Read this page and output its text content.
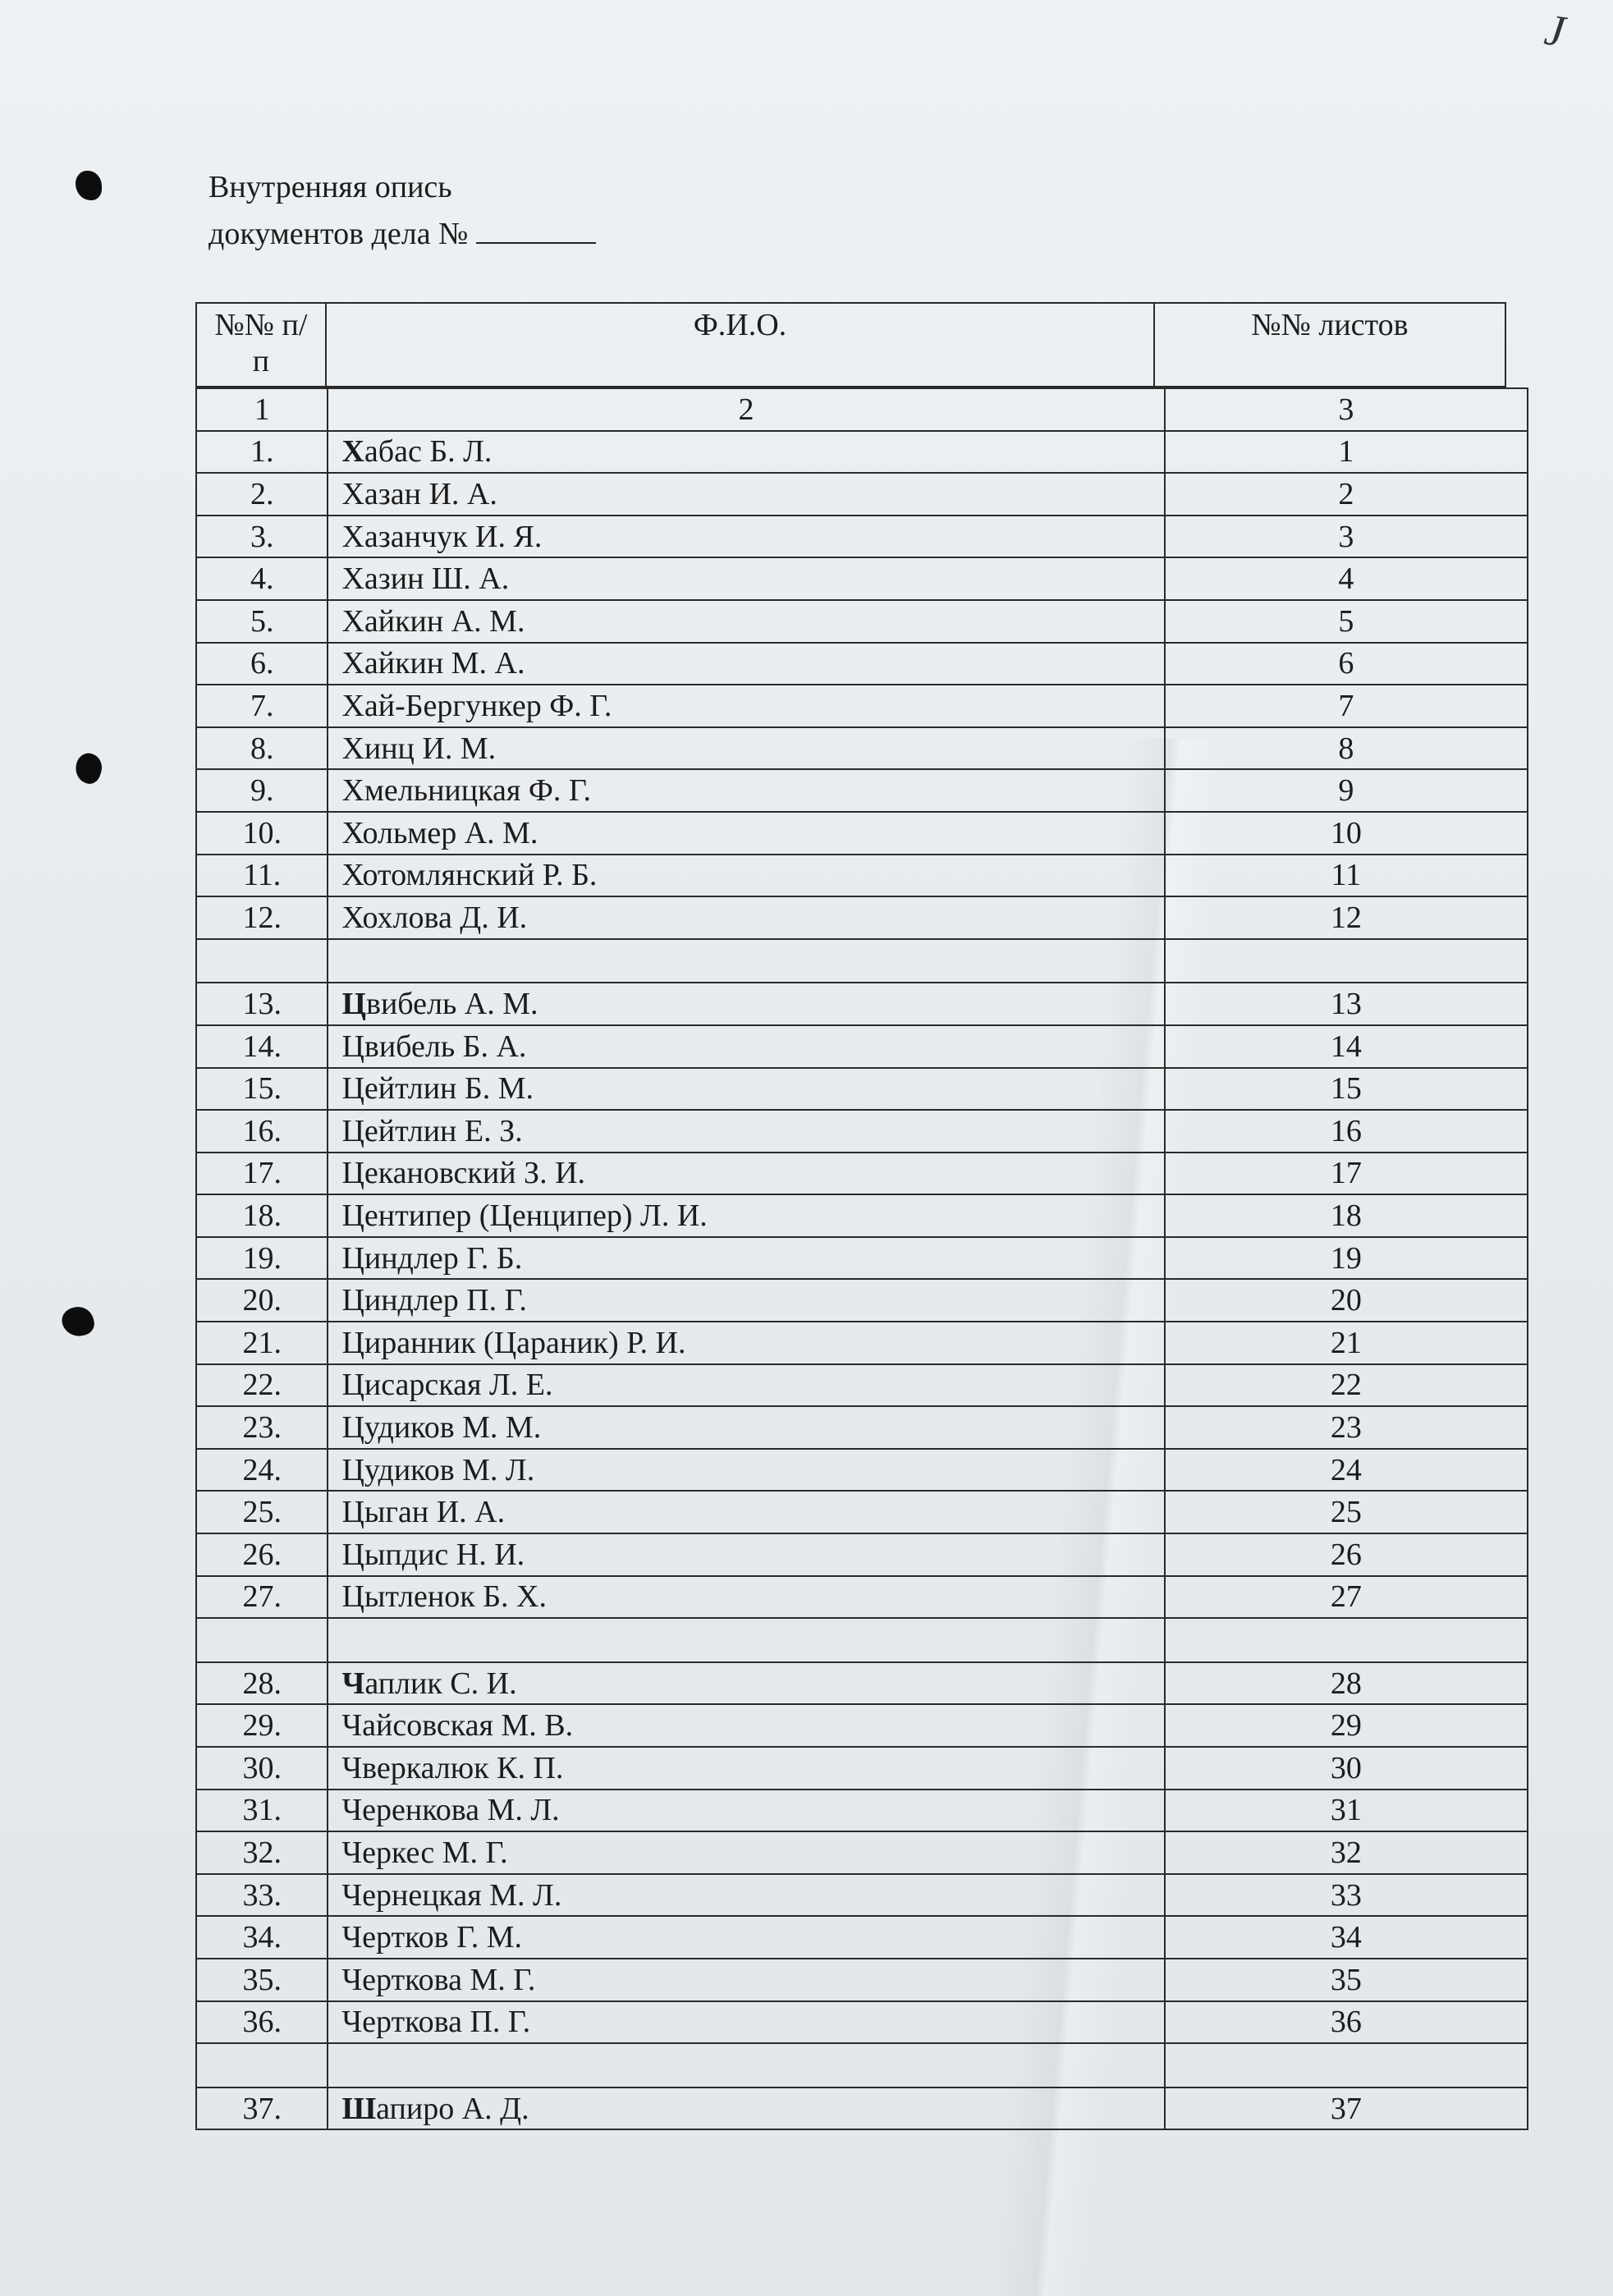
J
Внутренняя опись
документов дела №
№№ п/п	Ф.И.О.	№№ листов
1	2	3
1.	Хабас Б. Л.	1
2.	Хазан И. А.	2
3.	Хазанчук И. Я.	3
4.	Хазин Ш. А.	4
5.	Хайкин А. М.	5
6.	Хайкин М. А.	6
7.	Хай-Бергункер Ф. Г.	7
8.	Хинц И. М.	8
9.	Хмельницкая Ф. Г.	9
10.	Хольмер А. М.	10
11.	Хотомлянский Р. Б.	11
12.	Хохлова Д. И.	12

13.	Цвибель А. М.	13
14.	Цвибель Б. А.	14
15.	Цейтлин Б. М.	15
16.	Цейтлин Е. З.	16
17.	Цекановский З. И.	17
18.	Центипер (Ценципер) Л. И.	18
19.	Циндлер Г. Б.	19
20.	Циндлер П. Г.	20
21.	Циранник (Цараник) Р. И.	21
22.	Цисарская Л. Е.	22
23.	Цудиков М. М.	23
24.	Цудиков М. Л.	24
25.	Цыган И. А.	25
26.	Цыпдис Н. И.	26
27.	Цытленок Б. Х.	27

28.	Чаплик С. И.	28
29.	Чайсовская М. В.	29
30.	Чверкалюк К. П.	30
31.	Черенкова М. Л.	31
32.	Черкес М. Г.	32
33.	Чернецкая М. Л.	33
34.	Чертков Г. М.	34
35.	Черткова М. Г.	35
36.	Черткова П. Г.	36

37.	Шапиро А. Д.	37
